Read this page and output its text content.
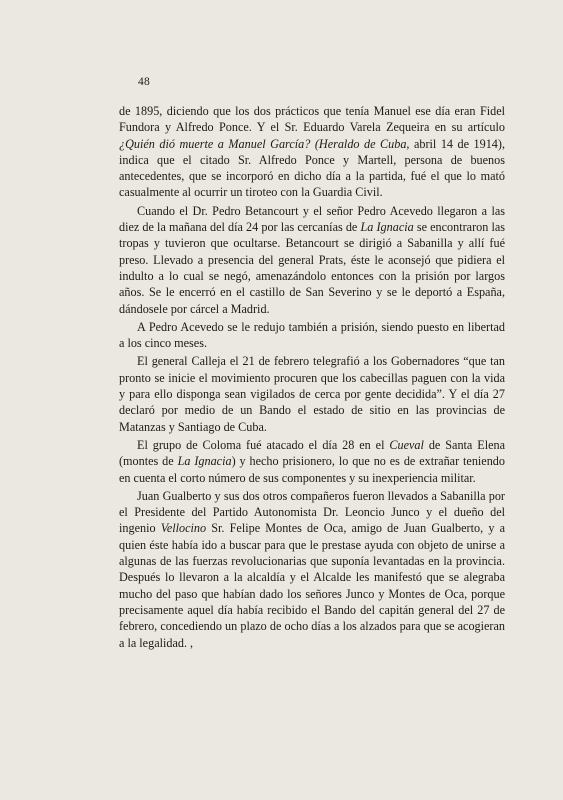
48

de 1895, diciendo que los dos prácticos que tenía Manuel ese día eran Fidel Fundora y Alfredo Ponce. Y el Sr. Eduardo Varela Zequeira en su artículo ¿Quién dió muerte a Manuel García? (Heraldo de Cuba, abril 14 de 1914), indica que el citado Sr. Alfredo Ponce y Martell, persona de buenos antecedentes, que se incorporó en dicho día a la partida, fué el que lo mató casualmente al ocurrir un tiroteo con la Guardia Civil.

Cuando el Dr. Pedro Betancourt y el señor Pedro Acevedo llegaron a las diez de la mañana del día 24 por las cercanías de La Ignacia se encontraron las tropas y tuvieron que ocultarse. Betancourt se dirigió a Sabanilla y allí fué preso. Llevado a presencia del general Prats, éste le aconsejó que pidiera el indulto a lo cual se negó, amenazándolo entonces con la prisión por largos años. Se le encerró en el castillo de San Severino y se le deportó a España, dándosele por cárcel a Madrid.

A Pedro Acevedo se le redujo también a prisión, siendo puesto en libertad a los cinco meses.

El general Calleja el 21 de febrero telegrafió a los Gobernadores “que tan pronto se inicie el movimiento procuren que los cabecillas paguen con la vida y para ello disponga sean vigilados de cerca por gente decidida”. Y el día 27 declaró por medio de un Bando el estado de sitio en las provincias de Matanzas y Santiago de Cuba.

El grupo de Coloma fué atacado el día 28 en el Cueval de Santa Elena (montes de La Ignacia) y hecho prisionero, lo que no es de extrañar teniendo en cuenta el corto número de sus componentes y su inexperiencia militar.

Juan Gualberto y sus dos otros compañeros fueron llevados a Sabanilla por el Presidente del Partido Autonomista Dr. Leoncio Junco y el dueño del ingenio Vellocino Sr. Felipe Montes de Oca, amigo de Juan Gualberto, y a quien éste había ido a buscar para que le prestase ayuda con objeto de unirse a algunas de las fuerzas revolucionarias que suponía levantadas en la provincia. Después lo llevaron a la alcaldía y el Alcalde les manifestó que se alegraba mucho del paso que habían dado los señores Junco y Montes de Oca, porque precisamente aquel día había recibido el Bando del capitán general del 27 de febrero, concediendo un plazo de ocho días a los alzados para que se acogieran a la legalidad. ,
